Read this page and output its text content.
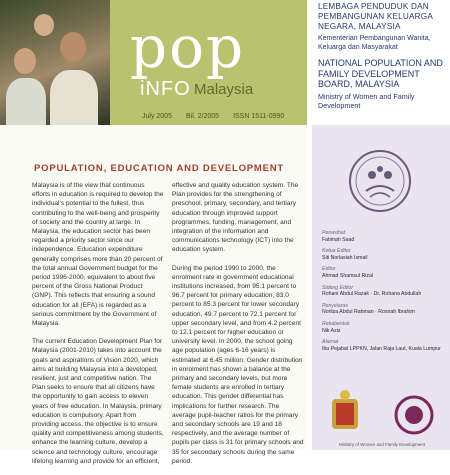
pop
iNFO Malaysia
July 2005 Bil. 2/2005 ISSN 1511-0990
LEMBAGA PENDUDUK DAN PEMBANGUNAN KELUARGA NEGARA, MALAYSIA
Kementerian Pembangunan Wanita, Keluarga dan Masyarakat
NATIONAL POPULATION AND FAMILY DEVELOPMENT BOARD, MALAYSIA
Ministry of Women and Family Development
POPULATION, EDUCATION AND DEVELOPMENT

Malaysia is of the view that continuous efforts in education is required to develop the individual's potential to the fullest, thus contributing to the well-being and prosperity of society and the country at large. In Malaysia, the education sector has been regarded a priority sector since our independence. Education expenditure generally comprises more than 20 percent of the total annual Government budget for the period 1996-2000, equivalent to about five percent of the Gross National Product (GNP). This reflects that ensuring a sound education for all (EFA) is regarded as a serious commitment by the Government of Malaysia.

The current Education Development Plan for Malaysia (2001-2010) takes into account the goals and aspirations of Vision 2020, which aims at building Malaysia into a developed, resilient, just and competitive nation. The Plan seeks to ensure that all citizens have the opportunity to gain access to eleven years of free education. In Malaysia, primary education is compulsory. Apart from providing access, the objective is to ensure quality and competitiveness among students, enhance the learning culture, develop a science and technology culture, encourage lifelong learning and provide for an efficient,

effective and quality education system. The Plan provides for the strengthening of preschool, primary, secondary, and tertiary education through improved support programmes, funding, management, and integration of the information and communications technology (ICT) into the education system.

During the period 1990 to 2000, the enrolment rate in government educational institutions increased, from 95.1 percent to 96.7 percent for primary education, 83.0 percent to 85.3 percent for lower secondary education, 49.7 percent to 72.1 percent for upper secondary level, and from 4.2 percent to 12.1 percent for higher education or university level. In 2000, the school going age population (ages 6-16 years) is estimated at 6.45 million. Gender distribution in enrolment has shown a balance at the primary and secondary levels, but more female students are enrolled in tertiary education. This gender differential has implications for further research. The average pupil-teacher ratios for the primary and secondary schools are 19 and 18 respectively, and the average number of pupils per class is 31 for primary schools and 35 for secondary schools during the same period.

Penasihat
Fatimah Saad
Ketua Editor
Siti Norlasiah Ismail
Editor
Ahmad Shamsul Rizal
Sidang Editor
Rohani Abdul Razak · Dr. Rohana Abdullah
Penyelaras
Norliza Abdul Rahman · Rosnah Ibrahim
Rekabentuk
Nik Aziz
Alamat
Ibu Pejabat LPPKN, Jalan Raja Laut, Kuala Lumpur
Ministry of Women and Family Development
